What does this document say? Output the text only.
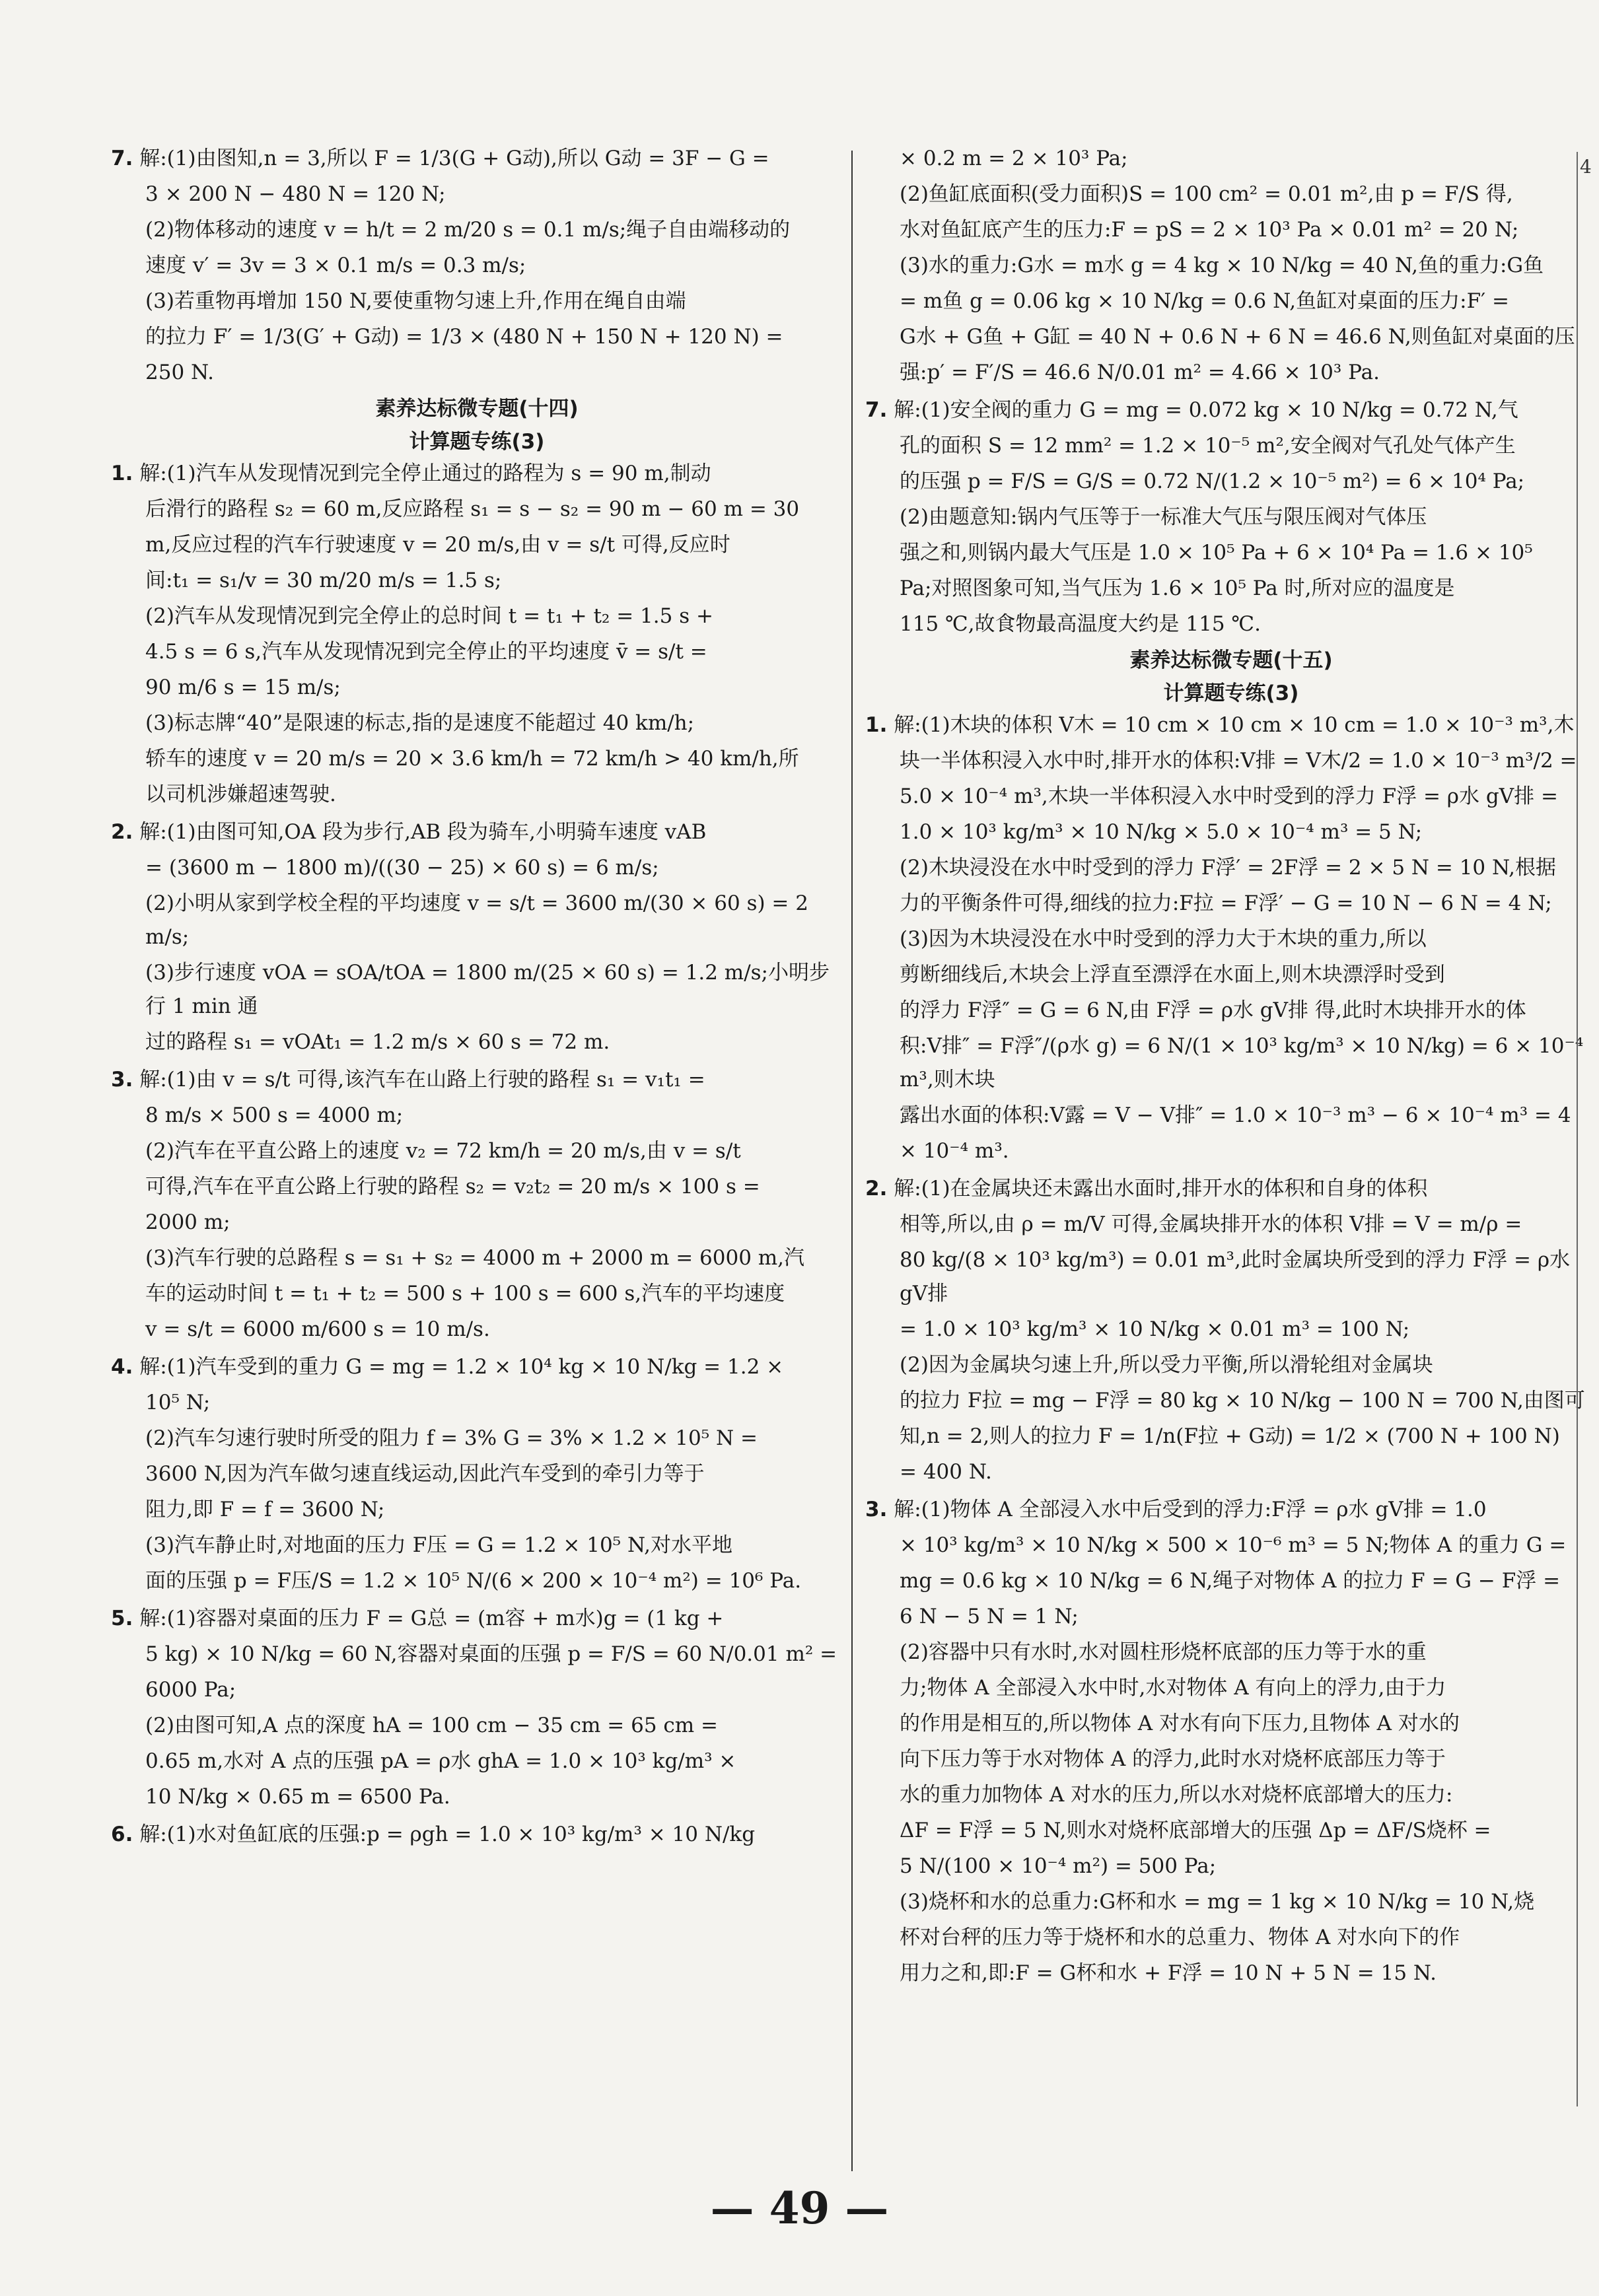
7. 解:(1)由图知,n = 3,所以 F = 1/3(G + G动),所以 G动 = 3F − G =

3 × 200 N − 480 N = 120 N;

(2)物体移动的速度 v = h/t = 2 m/20 s = 0.1 m/s;绳子自由端移动的

速度 v′ = 3v = 3 × 0.1 m/s = 0.3 m/s;

(3)若重物再增加 150 N,要使重物匀速上升,作用在绳自由端

的拉力 F′ = 1/3(G′ + G动) = 1/3 × (480 N + 150 N + 120 N) =

250 N.

素养达标微专题(十四)
计算题专练(3)

1. 解:(1)汽车从发现情况到完全停止通过的路程为 s = 90 m,制动

后滑行的路程 s₂ = 60 m,反应路程 s₁ = s − s₂ = 90 m − 60 m = 30

m,反应过程的汽车行驶速度 v = 20 m/s,由 v = s/t 可得,反应时

间:t₁ = s₁/v = 30 m/20 m/s = 1.5 s;

(2)汽车从发现情况到完全停止的总时间 t = t₁ + t₂ = 1.5 s +

4.5 s = 6 s,汽车从发现情况到完全停止的平均速度 v̄ = s/t =

90 m/6 s = 15 m/s;

(3)标志牌“40”是限速的标志,指的是速度不能超过 40 km/h;

轿车的速度 v = 20 m/s = 20 × 3.6 km/h = 72 km/h > 40 km/h,所

以司机涉嫌超速驾驶.

2. 解:(1)由图可知,OA 段为步行,AB 段为骑车,小明骑车速度 vAB

= (3600 m − 1800 m)/((30 − 25) × 60 s) = 6 m/s;

(2)小明从家到学校全程的平均速度 v = s/t = 3600 m/(30 × 60 s) = 2 m/s;

(3)步行速度 vOA = sOA/tOA = 1800 m/(25 × 60 s) = 1.2 m/s;小明步行 1 min 通

过的路程 s₁ = vOAt₁ = 1.2 m/s × 60 s = 72 m.

3. 解:(1)由 v = s/t 可得,该汽车在山路上行驶的路程 s₁ = v₁t₁ =

8 m/s × 500 s = 4000 m;

(2)汽车在平直公路上的速度 v₂ = 72 km/h = 20 m/s,由 v = s/t

可得,汽车在平直公路上行驶的路程 s₂ = v₂t₂ = 20 m/s × 100 s =

2000 m;

(3)汽车行驶的总路程 s = s₁ + s₂ = 4000 m + 2000 m = 6000 m,汽

车的运动时间 t = t₁ + t₂ = 500 s + 100 s = 600 s,汽车的平均速度

v = s/t = 6000 m/600 s = 10 m/s.

4. 解:(1)汽车受到的重力 G = mg = 1.2 × 10⁴ kg × 10 N/kg = 1.2 ×

10⁵ N;

(2)汽车匀速行驶时所受的阻力 f = 3% G = 3% × 1.2 × 10⁵ N =

3600 N,因为汽车做匀速直线运动,因此汽车受到的牵引力等于

阻力,即 F = f = 3600 N;

(3)汽车静止时,对地面的压力 F压 = G = 1.2 × 10⁵ N,对水平地

面的压强 p = F压/S = 1.2 × 10⁵ N/(6 × 200 × 10⁻⁴ m²) = 10⁶ Pa.

5. 解:(1)容器对桌面的压力 F = G总 = (m容 + m水)g = (1 kg +

5 kg) × 10 N/kg = 60 N,容器对桌面的压强 p = F/S = 60 N/0.01 m² =

6000 Pa;

(2)由图可知,A 点的深度 hA = 100 cm − 35 cm = 65 cm =

0.65 m,水对 A 点的压强 pA = ρ水 ghA = 1.0 × 10³ kg/m³ ×

10 N/kg × 0.65 m = 6500 Pa.

6. 解:(1)水对鱼缸底的压强:p = ρgh = 1.0 × 10³ kg/m³ × 10 N/kg

× 0.2 m = 2 × 10³ Pa;

(2)鱼缸底面积(受力面积)S = 100 cm² = 0.01 m²,由 p = F/S 得,

水对鱼缸底产生的压力:F = pS = 2 × 10³ Pa × 0.01 m² = 20 N;

(3)水的重力:G水 = m水 g = 4 kg × 10 N/kg = 40 N,鱼的重力:G鱼

= m鱼 g = 0.06 kg × 10 N/kg = 0.6 N,鱼缸对桌面的压力:F′ =

G水 + G鱼 + G缸 = 40 N + 0.6 N + 6 N = 46.6 N,则鱼缸对桌面的压

强:p′ = F′/S = 46.6 N/0.01 m² = 4.66 × 10³ Pa.

7. 解:(1)安全阀的重力 G = mg = 0.072 kg × 10 N/kg = 0.72 N,气

孔的面积 S = 12 mm² = 1.2 × 10⁻⁵ m²,安全阀对气孔处气体产生

的压强 p = F/S = G/S = 0.72 N/(1.2 × 10⁻⁵ m²) = 6 × 10⁴ Pa;

(2)由题意知:锅内气压等于一标准大气压与限压阀对气体压

强之和,则锅内最大气压是 1.0 × 10⁵ Pa + 6 × 10⁴ Pa = 1.6 × 10⁵

Pa;对照图象可知,当气压为 1.6 × 10⁵ Pa 时,所对应的温度是

115 ℃,故食物最高温度大约是 115 ℃.

素养达标微专题(十五)
计算题专练(3)

1. 解:(1)木块的体积 V木 = 10 cm × 10 cm × 10 cm = 1.0 × 10⁻³ m³,木

块一半体积浸入水中时,排开水的体积:V排 = V木/2 = 1.0 × 10⁻³ m³/2 =

5.0 × 10⁻⁴ m³,木块一半体积浸入水中时受到的浮力 F浮 = ρ水 gV排 =

1.0 × 10³ kg/m³ × 10 N/kg × 5.0 × 10⁻⁴ m³ = 5 N;

(2)木块浸没在水中时受到的浮力 F浮′ = 2F浮 = 2 × 5 N = 10 N,根据

力的平衡条件可得,细线的拉力:F拉 = F浮′ − G = 10 N − 6 N = 4 N;

(3)因为木块浸没在水中时受到的浮力大于木块的重力,所以

剪断细线后,木块会上浮直至漂浮在水面上,则木块漂浮时受到

的浮力 F浮″ = G = 6 N,由 F浮 = ρ水 gV排 得,此时木块排开水的体

积:V排″ = F浮″/(ρ水 g) = 6 N/(1 × 10³ kg/m³ × 10 N/kg) = 6 × 10⁻⁴ m³,则木块

露出水面的体积:V露 = V − V排″ = 1.0 × 10⁻³ m³ − 6 × 10⁻⁴ m³ = 4

× 10⁻⁴ m³.

2. 解:(1)在金属块还未露出水面时,排开水的体积和自身的体积

相等,所以,由 ρ = m/V 可得,金属块排开水的体积 V排 = V = m/ρ =

80 kg/(8 × 10³ kg/m³) = 0.01 m³,此时金属块所受到的浮力 F浮 = ρ水 gV排

= 1.0 × 10³ kg/m³ × 10 N/kg × 0.01 m³ = 100 N;

(2)因为金属块匀速上升,所以受力平衡,所以滑轮组对金属块

的拉力 F拉 = mg − F浮 = 80 kg × 10 N/kg − 100 N = 700 N,由图可

知,n = 2,则人的拉力 F = 1/n(F拉 + G动) = 1/2 × (700 N + 100 N)

= 400 N.

3. 解:(1)物体 A 全部浸入水中后受到的浮力:F浮 = ρ水 gV排 = 1.0

× 10³ kg/m³ × 10 N/kg × 500 × 10⁻⁶ m³ = 5 N;物体 A 的重力 G =

mg = 0.6 kg × 10 N/kg = 6 N,绳子对物体 A 的拉力 F = G − F浮 =

6 N − 5 N = 1 N;

(2)容器中只有水时,水对圆柱形烧杯底部的压力等于水的重

力;物体 A 全部浸入水中时,水对物体 A 有向上的浮力,由于力

的作用是相互的,所以物体 A 对水有向下压力,且物体 A 对水的

向下压力等于水对物体 A 的浮力,此时水对烧杯底部压力等于

水的重力加物体 A 对水的压力,所以水对烧杯底部增大的压力:

ΔF = F浮 = 5 N,则水对烧杯底部增大的压强 Δp = ΔF/S烧杯 =

5 N/(100 × 10⁻⁴ m²) = 500 Pa;

(3)烧杯和水的总重力:G杯和水 = mg = 1 kg × 10 N/kg = 10 N,烧

杯对台秤的压力等于烧杯和水的总重力、物体 A 对水向下的作

用力之和,即:F = G杯和水 + F浮 = 10 N + 5 N = 15 N.

4
— 49 —
